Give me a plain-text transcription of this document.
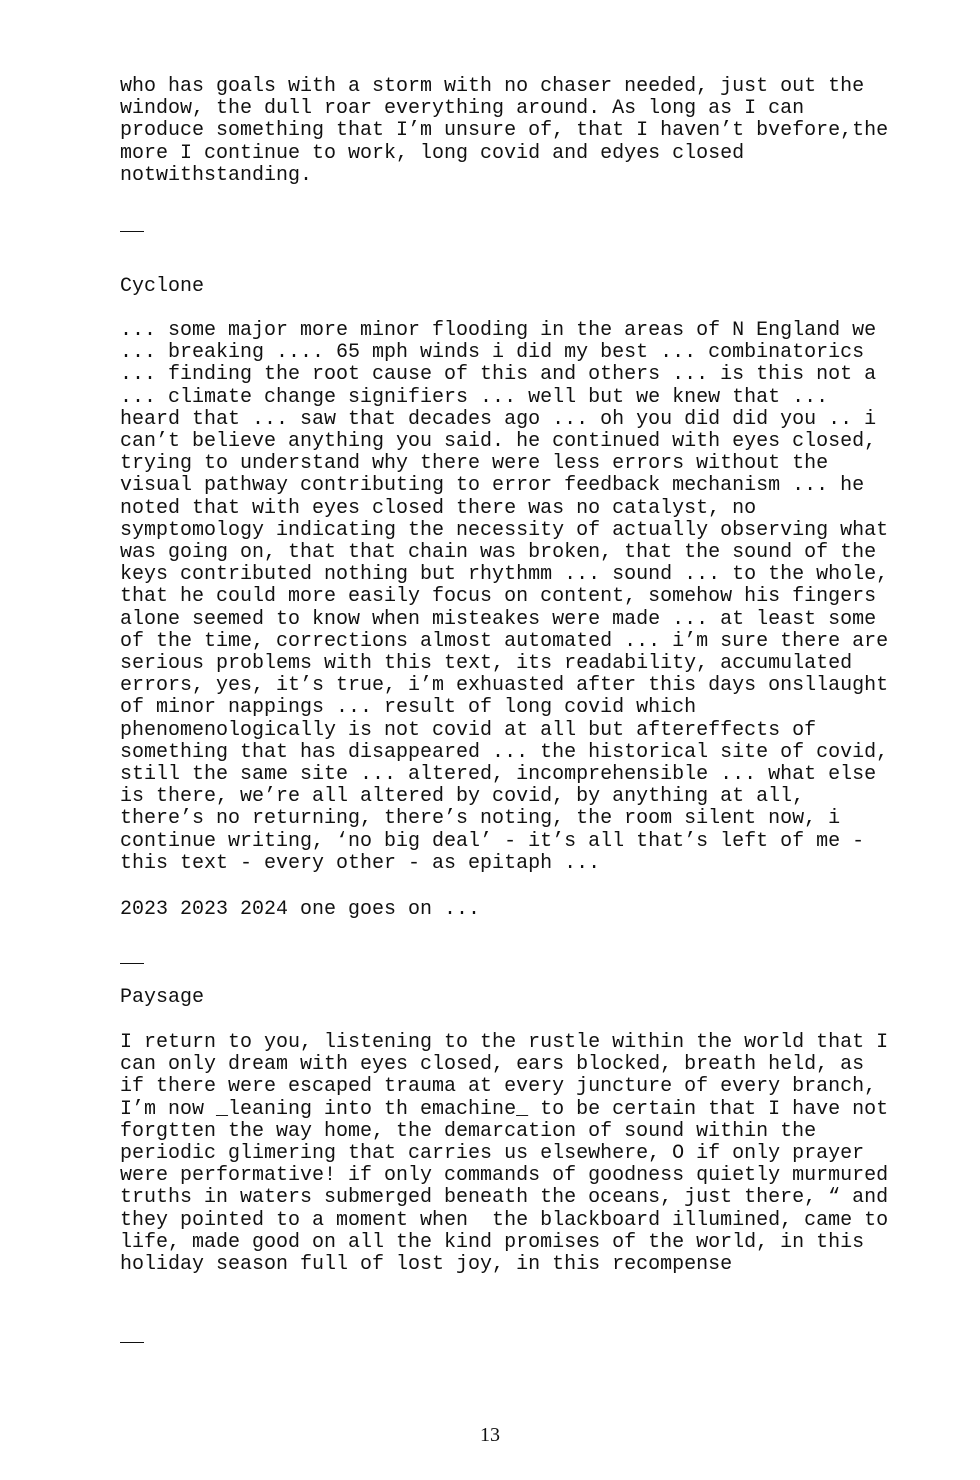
who has goals with a storm with no chaser needed, just out the
window, the dull roar everything around. As long as I can
produce something that I’m unsure of, that I haven’t bvefore,the
more I continue to work, long covid and edyes closed
notwithstanding.

Cyclone

... some major more minor flooding in the areas of N England we
... breaking .... 65 mph winds i did my best ... combinatorics
... finding the root cause of this and others ... is this not a
... climate change signifiers ... well but we knew that ...
heard that ... saw that decades ago ... oh you did did you .. i
can’t believe anything you said. he continued with eyes closed,
trying to understand why there were less errors without the
visual pathway contributing to error feedback mechanism ... he
noted that with eyes closed there was no catalyst, no
symptomology indicating the necessity of actually observing what
was going on, that that chain was broken, that the sound of the
keys contributed nothing but rhythmm ... sound ... to the whole,
that he could more easily focus on content, somehow his fingers
alone seemed to know when misteakes were made ... at least some
of the time, corrections almost automated ... i’m sure there are
serious problems with this text, its readability, accumulated
errors, yes, it’s true, i’m exhuasted after this days onsllaught
of minor nappings ... result of long covid which
phenomenologically is not covid at all but aftereffects of
something that has disappeared ... the historical site of covid,
still the same site ... altered, incomprehensible ... what else
is there, we’re all altered by covid, by anything at all,
there’s no returning, there’s noting, the room silent now, i
continue writing, ‘no big deal’ - it’s all that’s left of me -
this text - every other - as epitaph ...

2023 2023 2024 one goes on ...

Paysage

I return to you, listening to the rustle within the world that I
can only dream with eyes closed, ears blocked, breath held, as
if there were escaped trauma at every juncture of every branch,
I’m now _leaning into th emachine_ to be certain that I have not
forgtten the way home, the demarcation of sound within the
periodic glimering that carries us elsewhere, O if only prayer
were performative! if only commands of goodness quietly murmured
truths in waters submerged beneath the oceans, just there, “ and
they pointed to a moment when  the blackboard illumined, came to
life, made good on all the kind promises of the world, in this
holiday season full of lost joy, in this recompense

13
